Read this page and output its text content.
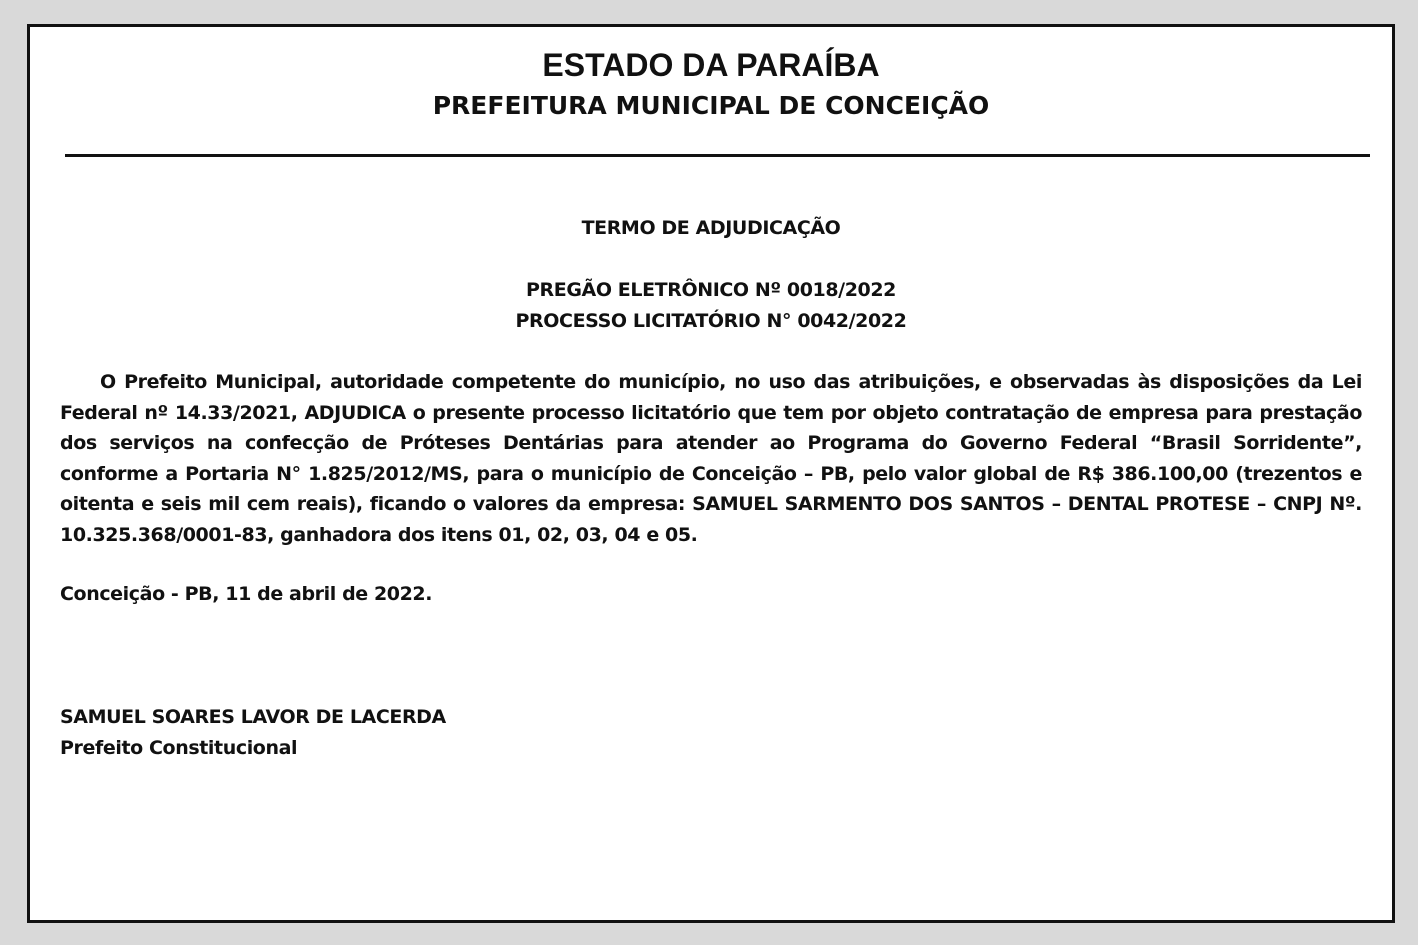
ESTADO DA PARAÍBA
PREFEITURA MUNICIPAL DE CONCEIÇÃO

TERMO DE ADJUDICAÇÃO

PREGÃO ELETRÔNICO Nº 0018/2022

PROCESSO LICITATÓRIO N° 0042/2022

O Prefeito Municipal, autoridade competente do município, no uso das atribuições, e observadas às disposições da Lei Federal nº 14.33/2021, ADJUDICA o presente processo licitatório que tem por objeto contratação de empresa para prestação dos serviços na confecção de Próteses Dentárias para atender ao Programa do Governo Federal “Brasil Sorridente”, conforme a Portaria N° 1.825/2012/MS, para o município de Conceição – PB, pelo valor global de R$ 386.100,00 (trezentos e oitenta e seis mil cem reais), ficando o valores da empresa: SAMUEL SARMENTO DOS SANTOS – DENTAL PROTESE – CNPJ Nº. 10.325.368/0001-83, ganhadora dos itens 01, 02, 03, 04 e 05.

Conceição - PB, 11 de abril de 2022.

SAMUEL SOARES LAVOR DE LACERDA

Prefeito Constitucional
